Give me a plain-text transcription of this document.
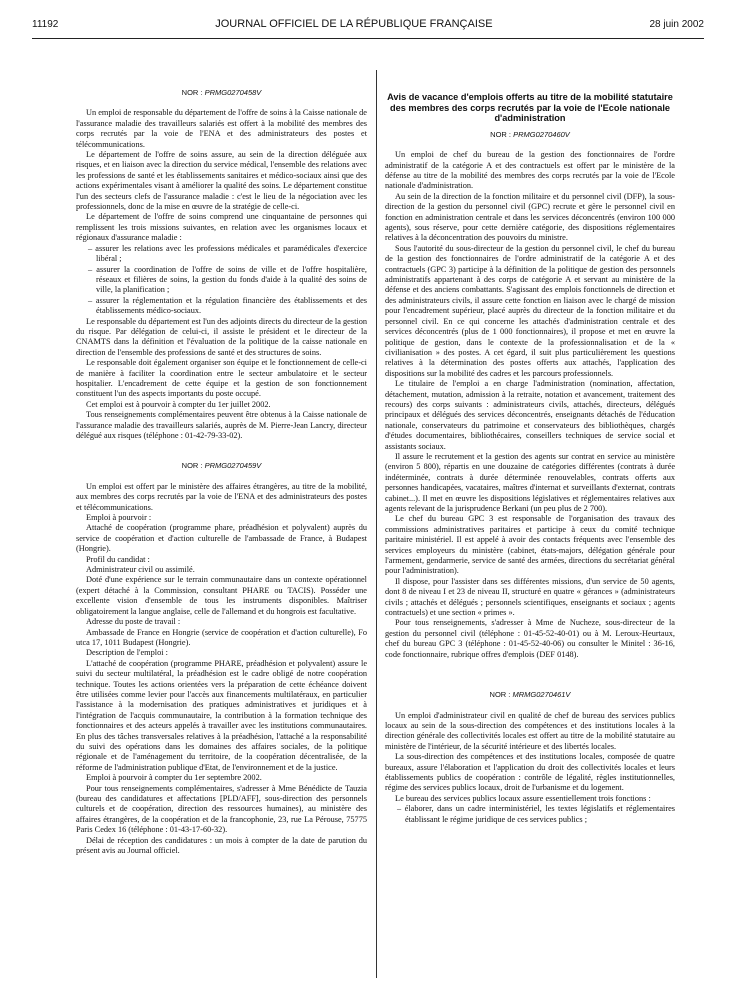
11192	JOURNAL OFFICIEL DE LA RÉPUBLIQUE FRANÇAISE	28 juin 2002
NOR : PRMG0270458V

Un emploi de responsable du département de l'offre de soins à la Caisse nationale de l'assurance maladie des travailleurs salariés est offert à la mobilité des membres des corps recrutés par la voie de l'ENA et des administrateurs des postes et télécommunications.

Le département de l'offre de soins assure, au sein de la direction déléguée aux risques, et en liaison avec la direction du service médical, l'ensemble des relations avec les professions de santé et les établissements sanitaires et médico-sociaux ainsi que des actions expérimentales visant à améliorer la qualité des soins. Le département constitue l'un des secteurs clefs de l'assurance maladie : c'est le lieu de la négociation avec les professionnels, donc de la mise en œuvre de la stratégie de celle-ci.

Le département de l'offre de soins comprend une cinquantaine de personnes qui remplissent les trois missions suivantes, en relation avec les organismes locaux et régionaux d'assurance maladie :

– assurer les relations avec les professions médicales et paramédicales d'exercice libéral ;
– assurer la coordination de l'offre de soins de ville et de l'offre hospitalière, réseaux et filières de soins, la gestion du fonds d'aide à la qualité des soins de ville, la planification ;
– assurer la réglementation et la régulation financière des établissements et des établissements médico-sociaux.

Le responsable du département est l'un des adjoints directs du directeur de la gestion du risque. Par délégation de celui-ci, il assiste le président et le directeur de la CNAMTS dans la définition et l'évaluation de la politique de la caisse nationale en direction de l'ensemble des professions de santé et des structures de soins.

Le responsable doit également organiser son équipe et le fonctionnement de celle-ci de manière à faciliter la coordination entre le secteur ambulatoire et le secteur hospitalier. L'encadrement de cette équipe et la gestion de son fonctionnement constituent l'un des aspects importants du poste occupé.

Cet emploi est à pourvoir à compter du 1er juillet 2002.

Tous renseignements complémentaires peuvent être obtenus à la Caisse nationale de l'assurance maladie des travailleurs salariés, auprès de M. Pierre-Jean Lancry, directeur délégué aux risques (téléphone : 01-42-79-33-02).

NOR : PRMG0270459V

Un emploi est offert par le ministère des affaires étrangères, au titre de la mobilité, aux membres des corps recrutés par la voie de l'ENA et des administrateurs des postes et télécommunications.

Emploi à pourvoir :

Attaché de coopération (programme phare, préadhésion et polyvalent) auprès du service de coopération et d'action culturelle de l'ambassade de France, à Budapest (Hongrie).

Profil du candidat :

Administrateur civil ou assimilé.

Doté d'une expérience sur le terrain communautaire dans un contexte opérationnel (expert détaché à la Commission, consultant PHARE ou TACIS). Posséder une excellente vision d'ensemble de tous les instruments disponibles. Maîtriser obligatoirement la langue anglaise, celle de l'allemand et du hongrois est facultative.

Adresse du poste de travail :

Ambassade de France en Hongrie (service de coopération et d'action culturelle), Fo utca 17, 1011 Budapest (Hongrie).

Description de l'emploi :

L'attaché de coopération (programme PHARE, préadhésion et polyvalent) assure le suivi du secteur multilatéral, la préadhésion est le cadre obligé de notre coopération technique. Toutes les actions orientées vers la préparation de cette échéance doivent être utilisées comme levier pour l'accès aux financements multilatéraux, en particulier l'assistance à la modernisation des pratiques administratives et juridiques et à l'intégration de l'acquis communautaire, la contribution à la formation technique des fonctionnaires et des acteurs appelés à travailler avec les institutions communautaires. En plus des tâches transversales relatives à la préadhésion, l'attaché a la responsabilité du suivi des opérations dans les domaines des affaires sociales, de la politique régionale et de l'aménagement du territoire, de la coopération décentralisée, de la réforme de l'administration publique d'Etat, de l'environnement et de la justice.

Emploi à pourvoir à compter du 1er septembre 2002.

Pour tous renseignements complémentaires, s'adresser à Mme Bénédicte de Tauzia (bureau des candidatures et affectations [PLD/AFF], sous-direction des personnels culturels et de coopération, direction des ressources humaines), au ministère des affaires étrangères, de la coopération et de la francophonie, 23, rue La Pérouse, 75775 Paris Cedex 16 (téléphone : 01-43-17-60-32).

Délai de réception des candidatures : un mois à compter de la date de parution du présent avis au Journal officiel.

Avis de vacance d'emplois offerts au titre de la mobilité statutaire des membres des corps recrutés par la voie de l'Ecole nationale d'administration
NOR : PRMG0270460V

Un emploi de chef du bureau de la gestion des fonctionnaires de l'ordre administratif de la catégorie A et des contractuels est offert par le ministère de la défense au titre de la mobilité des membres des corps recrutés par la voie de l'Ecole nationale d'administration.

Au sein de la direction de la fonction militaire et du personnel civil (DFP), la sous-direction de la gestion du personnel civil (GPC) recrute et gère le personnel civil en fonction en administration centrale et dans les services déconcentrés (environ 100 000 agents), sous réserve, pour cette dernière catégorie, des dispositions réglementaires relatives à la déconcentration des pouvoirs du ministre.

Sous l'autorité du sous-directeur de la gestion du personnel civil, le chef du bureau de la gestion des fonctionnaires de l'ordre administratif de la catégorie A et des contractuels (GPC 3) participe à la définition de la politique de gestion des personnels administratifs appartenant à des corps de catégorie A et servant au ministère de la défense et des anciens combattants. S'agissant des emplois fonctionnels de direction et des administrateurs civils, il assure cette fonction en liaison avec le chargé de mission pour l'encadrement supérieur, placé auprès du directeur de la fonction militaire et du personnel civil. En ce qui concerne les attachés d'administration centrale et des services déconcentrés (plus de 1 000 fonctionnaires), il propose et met en œuvre la politique de gestion, dans le contexte de la professionnalisation et de la « civilianisation » des postes. A cet égard, il suit plus particulièrement les questions relatives à la détermination des postes offerts aux attachés, l'application des dispositions sur la mobilité des cadres et les parcours professionnels.

Le titulaire de l'emploi a en charge l'administration (nomination, affectation, détachement, mutation, admission à la retraite, notation et avancement, traitement des recours) des corps suivants : administrateurs civils, attachés, directeurs, délégués principaux et délégués des services déconcentrés, enseignants détachés de l'éducation nationale, conservateurs du patrimoine et conservateurs des bibliothèques, chargés d'études documentaires, bibliothécaires, conseillers techniques de service social et assistants sociaux.

Il assure le recrutement et la gestion des agents sur contrat en service au ministère (environ 5 800), répartis en une douzaine de catégories différentes (contrats à durée indéterminée, contrats à durée déterminée renouvelables, contrats offerts aux personnes handicapées, vacataires, maîtres d'internat et surveillants d'externat, contrats cabinet...). Il met en œuvre les dispositions législatives et réglementaires relatives aux agents relevant de la jurisprudence Berkani (un peu plus de 2 700).

Le chef du bureau GPC 3 est responsable de l'organisation des travaux des commissions administratives paritaires et participe à ceux du comité technique paritaire ministériel. Il est appelé à avoir des contacts fréquents avec l'ensemble des services employeurs du ministère (cabinet, états-majors, délégation générale pour l'armement, gendarmerie, service de santé des armées, directions du secrétariat général pour l'administration).

Il dispose, pour l'assister dans ses différentes missions, d'un service de 50 agents, dont 8 de niveau I et 23 de niveau II, structuré en quatre « gérances » (administrateurs civils ; attachés et délégués ; personnels scientifiques, enseignants et sociaux ; agents contractuels) et une section « primes ».

Pour tous renseignements, s'adresser à Mme de Nucheze, sous-directeur de la gestion du personnel civil (téléphone : 01-45-52-40-01) ou à M. Leroux-Heurtaux, chef du bureau GPC 3 (téléphone : 01-45-52-40-06) ou consulter le Minitel : 36-16, code fonctionnaire, rubrique offres d'emplois (DEF 0148).

NOR : MRMG0270461V

Un emploi d'administrateur civil en qualité de chef de bureau des services publics locaux au sein de la sous-direction des compétences et des institutions locales à la direction générale des collectivités locales est offert au titre de la mobilité statutaire au ministère de l'intérieur, de la sécurité intérieure et des libertés locales.

La sous-direction des compétences et des institutions locales, composée de quatre bureaux, assure l'élaboration et l'application du droit des collectivités locales et leurs établissements publics de coopération : contrôle de légalité, règles institutionnelles, régime des services publics locaux, droit de l'urbanisme et du logement.

Le bureau des services publics locaux assure essentiellement trois fonctions :

– élaborer, dans un cadre interministériel, les textes législatifs et réglementaires établissant le régime juridique de ces services publics ;
